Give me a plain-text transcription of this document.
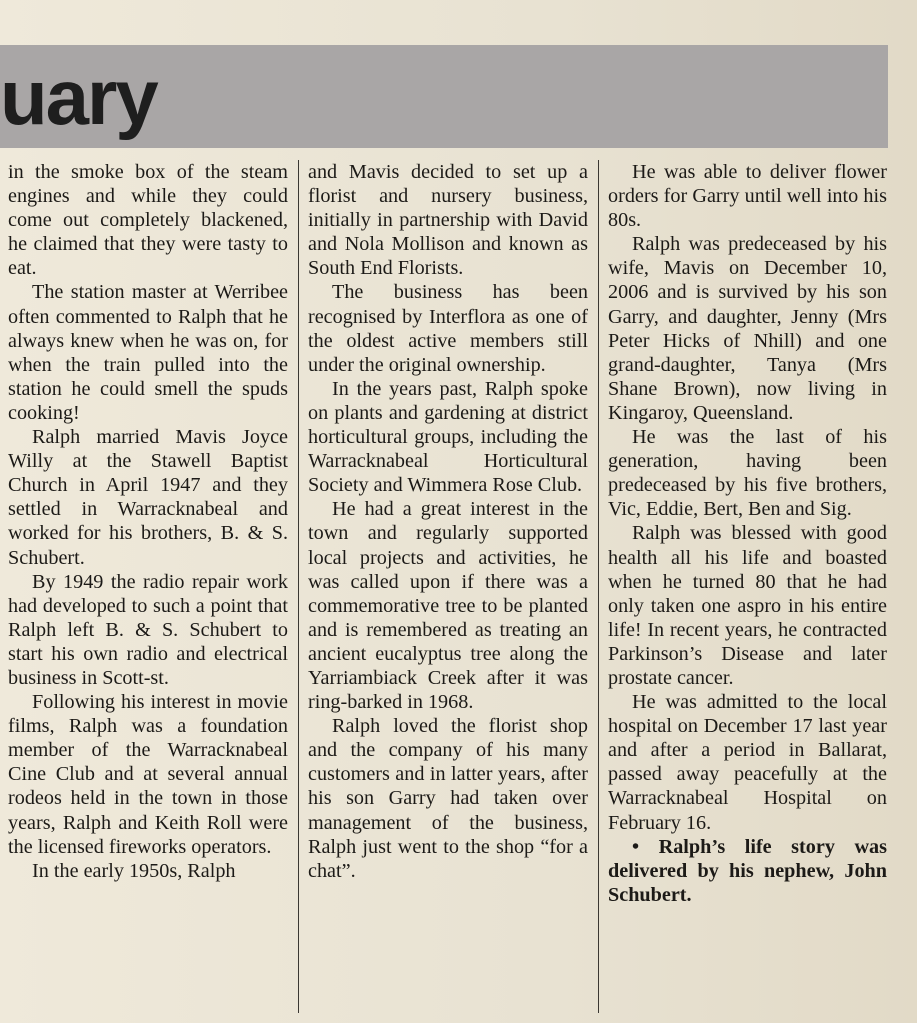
uary

in the smoke box of the steam engines and while they could come out completely blackened, he claimed that they were tasty to eat.

The station master at Werribee often commented to Ralph that he always knew when he was on, for when the train pulled into the station he could smell the spuds cooking!

Ralph married Mavis Joyce Willy at the Stawell Baptist Church in April 1947 and they settled in Warracknabeal and worked for his brothers, B. & S. Schubert.

By 1949 the radio repair work had developed to such a point that Ralph left B. & S. Schubert to start his own radio and electrical business in Scott-st.

Following his interest in movie films, Ralph was a foundation member of the Warracknabeal Cine Club and at several annual rodeos held in the town in those years, Ralph and Keith Roll were the licensed fireworks operators.

In the early 1950s, Ralph

and Mavis decided to set up a florist and nursery business, initially in partnership with David and Nola Mollison and known as South End Florists.

The business has been recognised by Interflora as one of the oldest active members still under the original ownership.

In the years past, Ralph spoke on plants and gardening at district horticultural groups, including the Warracknabeal Horticultural Society and Wimmera Rose Club.

He had a great interest in the town and regularly supported local projects and activities, he was called upon if there was a commemorative tree to be planted and is remembered as treating an ancient eucalyptus tree along the Yarriambiack Creek after it was ring-barked in 1968.

Ralph loved the florist shop and the company of his many customers and in latter years, after his son Garry had taken over management of the business, Ralph just went to the shop “for a chat”.

He was able to deliver flower orders for Garry until well into his 80s.

Ralph was predeceased by his wife, Mavis on December 10, 2006 and is survived by his son Garry, and daughter, Jenny (Mrs Peter Hicks of Nhill) and one grand-daughter, Tanya (Mrs Shane Brown), now living in Kingaroy, Queensland.

He was the last of his generation, having been predeceased by his five brothers, Vic, Eddie, Bert, Ben and Sig.

Ralph was blessed with good health all his life and boasted when he turned 80 that he had only taken one aspro in his entire life! In recent years, he contracted Parkinson’s Disease and later prostate cancer.

He was admitted to the local hospital on December 17 last year and after a period in Ballarat, passed away peacefully at the Warracknabeal Hospital on February 16.

• Ralph’s life story was delivered by his nephew, John Schubert.
